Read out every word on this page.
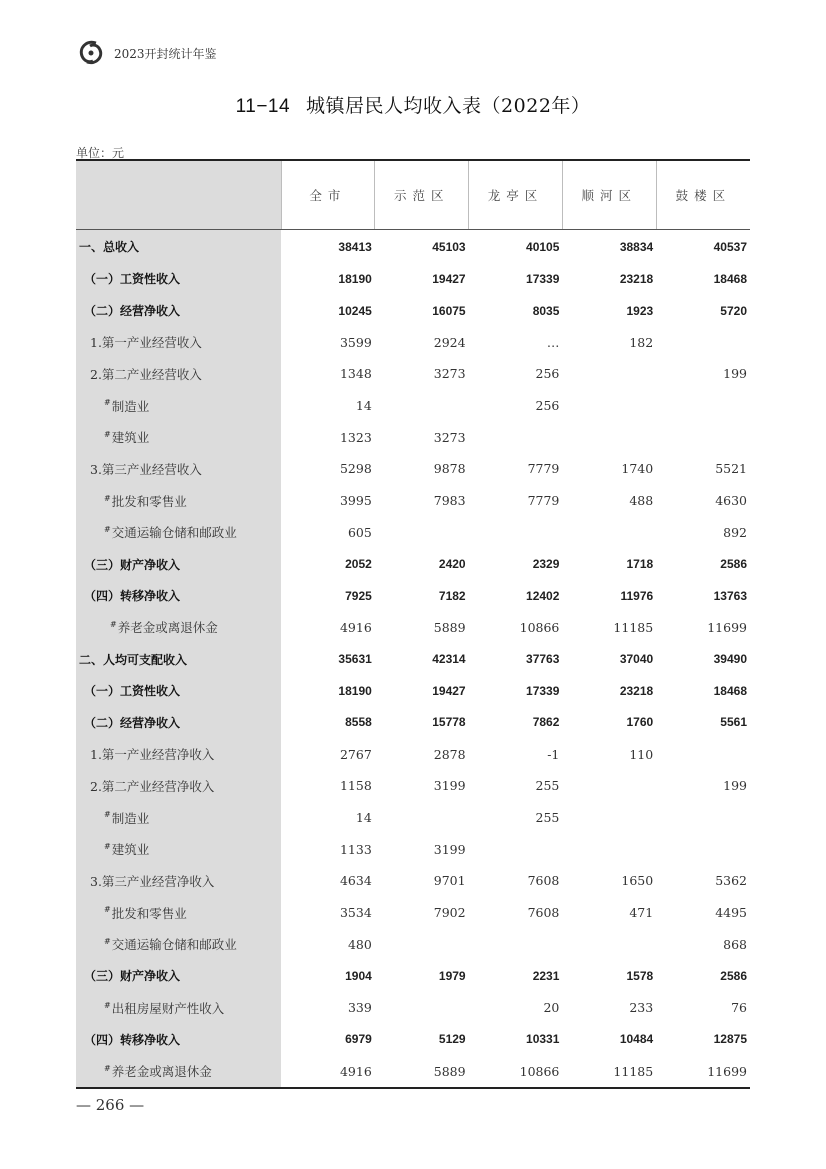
2023开封统计年鉴
11−14 城镇居民人均收入表（2022年）
单位：元

	全市	示范区	龙亭区	顺河区	鼓楼区
一、总收入	38413	45103	40105	38834	40537
（一）工资性收入	18190	19427	17339	23218	18468
（二）经营净收入	10245	16075	8035	1923	5720
1.第一产业经营收入	3599	2924	…	182	
2.第二产业经营收入	1348	3273	256		199
#制造业	14		256		
#建筑业	1323	3273			
3.第三产业经营收入	5298	9878	7779	1740	5521
#批发和零售业	3995	7983	7779	488	4630
#交通运输仓储和邮政业	605				892
（三）财产净收入	2052	2420	2329	1718	2586
（四）转移净收入	7925	7182	12402	11976	13763
#养老金或离退休金	4916	5889	10866	11185	11699
二、人均可支配收入	35631	42314	37763	37040	39490
（一）工资性收入	18190	19427	17339	23218	18468
（二）经营净收入	8558	15778	7862	1760	5561
1.第一产业经营净收入	2767	2878	-1	110	
2.第二产业经营净收入	1158	3199	255		199
#制造业	14		255		
#建筑业	1133	3199			
3.第三产业经营净收入	4634	9701	7608	1650	5362
#批发和零售业	3534	7902	7608	471	4495
#交通运输仓储和邮政业	480				868
（三）财产净收入	1904	1979	2231	1578	2586
#出租房屋财产性收入	339		20	233	76
（四）转移净收入	6979	5129	10331	10484	12875
#养老金或离退休金	4916	5889	10866	11185	11699
— 266 —
